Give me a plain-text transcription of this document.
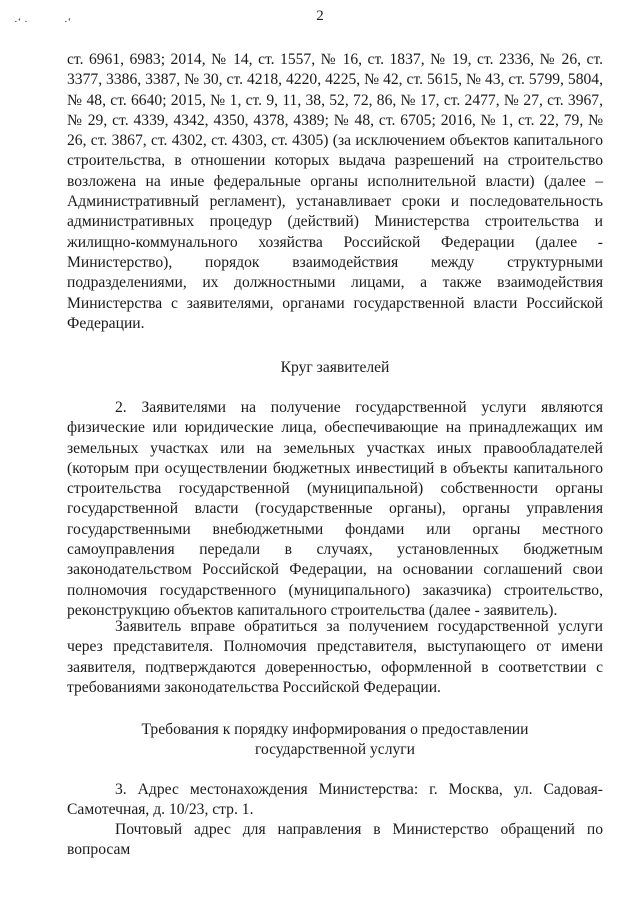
·ʻ ·	·ʻ	2

ст. 6961, 6983; 2014, № 14, ст. 1557, № 16, ст. 1837, № 19, ст. 2336, № 26, ст. 3377, 3386, 3387, № 30, ст. 4218, 4220, 4225, № 42, ст. 5615, № 43, ст. 5799, 5804, № 48, ст. 6640; 2015, № 1, ст. 9, 11, 38, 52, 72, 86, № 17, ст. 2477, № 27, ст. 3967, № 29, ст. 4339, 4342, 4350, 4378, 4389; № 48, ст. 6705; 2016, № 1, ст. 22, 79, № 26, ст. 3867, ст. 4302, ст. 4303, ст. 4305) (за исключением объектов капитального строительства, в отношении которых выдача разрешений на строительство возложена на иные федеральные органы исполнительной власти) (далее – Административный регламент), устанавливает сроки и последовательность административных процедур (действий) Министерства строительства и жилищно-коммунального хозяйства Российской Федерации (далее - Министерство), порядок взаимодействия между структурными подразделениями, их должностными лицами, а также взаимодействия Министерства с заявителями, органами государственной власти Российской Федерации.

Круг заявителей

2. Заявителями на получение государственной услуги являются физические или юридические лица, обеспечивающие на принадлежащих им земельных участках или на земельных участках иных правообладателей (которым при осуществлении бюджетных инвестиций в объекты капитального строительства государственной (муниципальной) собственности органы государственной власти (государственные органы), органы управления государственными внебюджетными фондами или органы местного самоуправления передали в случаях, установленных бюджетным законодательством Российской Федерации, на основании соглашений свои полномочия государственного (муниципального) заказчика) строительство, реконструкцию объектов капитального строительства (далее - заявитель).

Заявитель вправе обратиться за получением государственной услуги через представителя. Полномочия представителя, выступающего от имени заявителя, подтверждаются доверенностью, оформленной в соответствии с требованиями законодательства Российской Федерации.

Требования к порядку информирования о предоставлении
государственной услуги

3. Адрес местонахождения Министерства: г. Москва, ул. Садовая-Самотечная, д. 10/23, стр. 1.

Почтовый адрес для направления в Министерство обращений по вопросам
